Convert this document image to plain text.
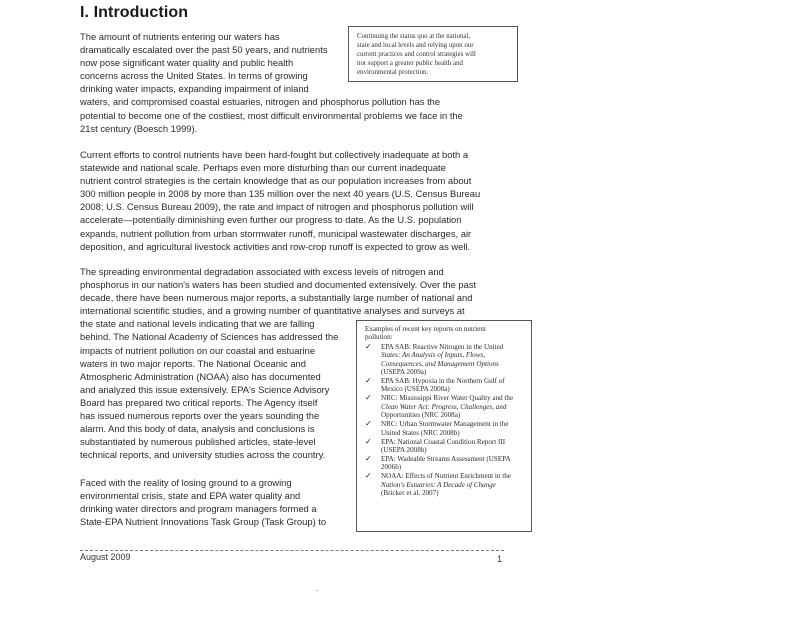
I. Introduction

The amount of nutrients entering our waters has
dramatically escalated over the past 50 years, and nutrients
now pose significant water quality and public health
concerns across the United States. In terms of growing
drinking water impacts, expanding impairment of inland
waters, and compromised coastal estuaries, nitrogen and phosphorus pollution has the
potential to become one of the costliest, most difficult environmental problems we face in the
21st century (Boesch 1999).

Continuing the status quo at the national,
state and local levels and relying upon our
current practices and control strategies will
not support a greater public health and
environmental protection.

Current efforts to control nutrients have been hard-fought but collectively inadequate at both a
statewide and national scale. Perhaps even more disturbing than our current inadequate
nutrient control strategies is the certain knowledge that as our population increases from about
300 million people in 2008 by more than 135 million over the next 40 years (U.S. Census Bureau
2008; U.S. Census Bureau 2009), the rate and impact of nitrogen and phosphorus pollution will
accelerate—potentially diminishing even further our progress to date. As the U.S. population
expands, nutrient pollution from urban stormwater runoff, municipal wastewater discharges, air
deposition, and agricultural livestock activities and row-crop runoff is expected to grow as well.

The spreading environmental degradation associated with excess levels of nitrogen and
phosphorus in our nation's waters has been studied and documented extensively. Over the past
decade, there have been numerous major reports, a substantially large number of national and
international scientific studies, and a growing number of quantitative analyses and surveys at
the state and national levels indicating that we are falling
behind. The National Academy of Sciences has addressed the
impacts of nutrient pollution on our coastal and estuarine
waters in two major reports. The National Oceanic and
Atmospheric Administration (NOAA) also has documented
and analyzed this issue extensively. EPA's Science Advisory
Board has prepared two critical reports. The Agency itself
has issued numerous reports over the years sounding the
alarm. And this body of data, analysis and conclusions is
substantiated by numerous published articles, state-level
technical reports, and university studies across the country.

Faced with the reality of losing ground to a growing
environmental crisis, state and EPA water quality and
drinking water directors and program managers formed a
State-EPA Nutrient Innovations Task Group (Task Group) to

Examples of recent key reports on nutrient
pollution:
✓ EPA SAB: Reactive Nitrogen in the United
States: An Analysis of Inputs, Flows,
Consequences, and Management Options
(USEPA 2009a)
✓ EPA SAB: Hypoxia in the Northern Gulf of
Mexico (USEPA 2008a)
✓ NRC: Mississippi River Water Quality and the
Clean Water Act: Progress, Challenges, and
Opportunities (NRC 2008a)
✓ NRC: Urban Stormwater Management in the
United States (NRC 2008b)
✓ EPA: National Coastal Condition Report III
(USEPA 2008b)
✓ EPA: Wadeable Streams Assessment (USEPA
2006b)
✓ NOAA: Effects of Nutrient Enrichment in the
Nation's Estuaries: A Decade of Change
(Bricker et al. 2007)
August 2009	1
